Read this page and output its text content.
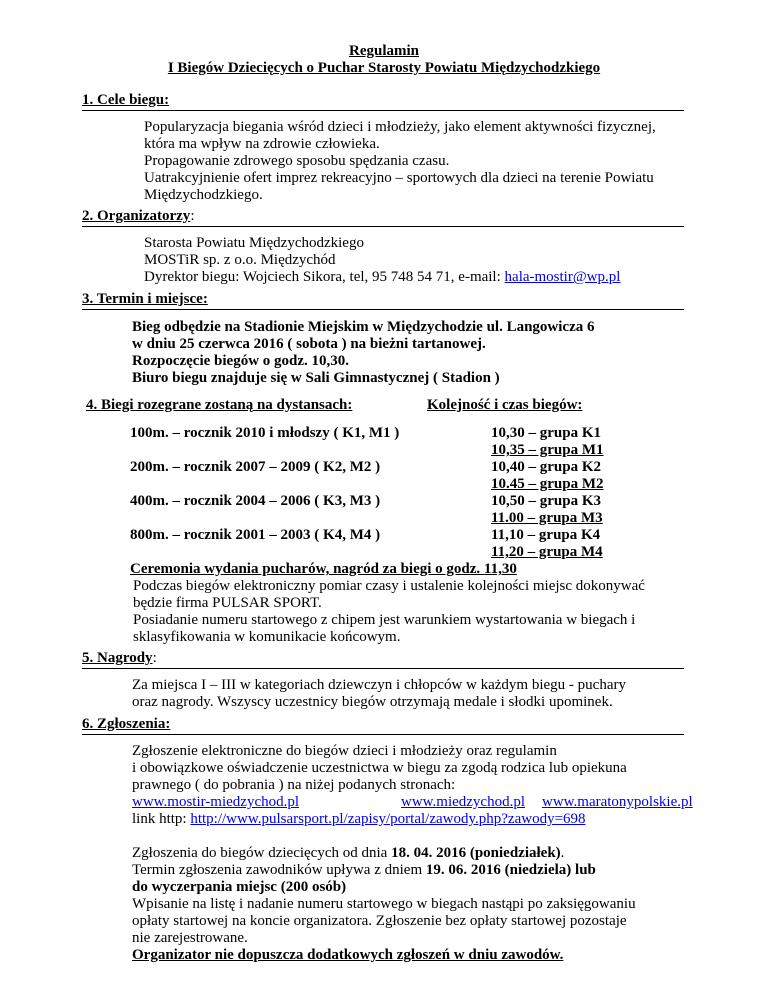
Regulamin
I Biegów Dziecięcych o Puchar Starosty Powiatu Międzychodzkiego
1. Cele biegu:
Popularyzacja biegania wśród dzieci i młodzieży, jako element aktywności fizycznej,
która ma wpływ na zdrowie człowieka.
Propagowanie zdrowego sposobu spędzania czasu.
Uatrakcyjnienie ofert imprez rekreacyjno – sportowych dla dzieci na terenie Powiatu
Międzychodzkiego.
2. Organizatorzy:
Starosta Powiatu Międzychodzkiego
MOSTiR sp. z o.o. Międzychód
Dyrektor biegu: Wojciech Sikora, tel, 95 748 54 71, e-mail: hala-mostir@wp.pl
3. Termin i miejsce:
Bieg odbędzie na Stadionie Miejskim w Międzychodzie ul. Langowicza 6
w dniu 25 czerwca 2016 ( sobota ) na bieżni tartanowej.
Rozpoczęcie biegów o godz. 10,30.
Biuro biegu znajduje się w Sali Gimnastycznej ( Stadion )
4. Biegi rozegrane zostaną na dystansach:	Kolejność i czas biegów:
100m. – rocznik 2010 i młodszy ( K1, M1 )
200m. – rocznik 2007 – 2009 ( K2, M2 )
400m. – rocznik 2004 – 2006 ( K3, M3 )
800m. – rocznik 2001 – 2003 ( K4, M4 )
10,30 – grupa K1
10,35 – grupa M1
10,40 – grupa K2
10.45 – grupa M2
10,50 – grupa K3
11.00 – grupa M3
11,10 – grupa K4
11,20 – grupa M4
Ceremonia wydania pucharów, nagród za biegi o godz. 11,30
Podczas biegów elektroniczny pomiar czasy i ustalenie kolejności miejsc dokonywać
będzie firma PULSAR SPORT.
Posiadanie numeru startowego z chipem jest warunkiem wystartowania w biegach i
sklasyfikowania w komunikacie końcowym.
5. Nagrody:
Za miejsca I – III w kategoriach dziewczyn i chłopców w każdym biegu - puchary
oraz nagrody. Wszyscy uczestnicy biegów otrzymają medale i słodki upominek.
6. Zgłoszenia:
Zgłoszenie elektroniczne do biegów dzieci i młodzieży oraz regulamin
i obowiązkowe oświadczenie uczestnictwa w biegu za zgodą rodzica lub opiekuna
prawnego ( do pobrania ) na niżej podanych stronach:
www.mostir-miedzychod.pl	www.miedzychod.pl www.maratonypolskie.pl
link http: http://www.pulsarsport.pl/zapisy/portal/zawody.php?zawody=698
Zgłoszenia do biegów dziecięcych od dnia 18. 04. 2016 (poniedziałek).
Termin zgłoszenia zawodników upływa z dniem 19. 06. 2016 (niedziela) lub
do wyczerpania miejsc (200 osób)
Wpisanie na listę i nadanie numeru startowego w biegach nastąpi po zaksięgowaniu
opłaty startowej na koncie organizatora. Zgłoszenie bez opłaty startowej pozostaje
nie zarejestrowane.
Organizator nie dopuszcza dodatkowych zgłoszeń w dniu zawodów.
